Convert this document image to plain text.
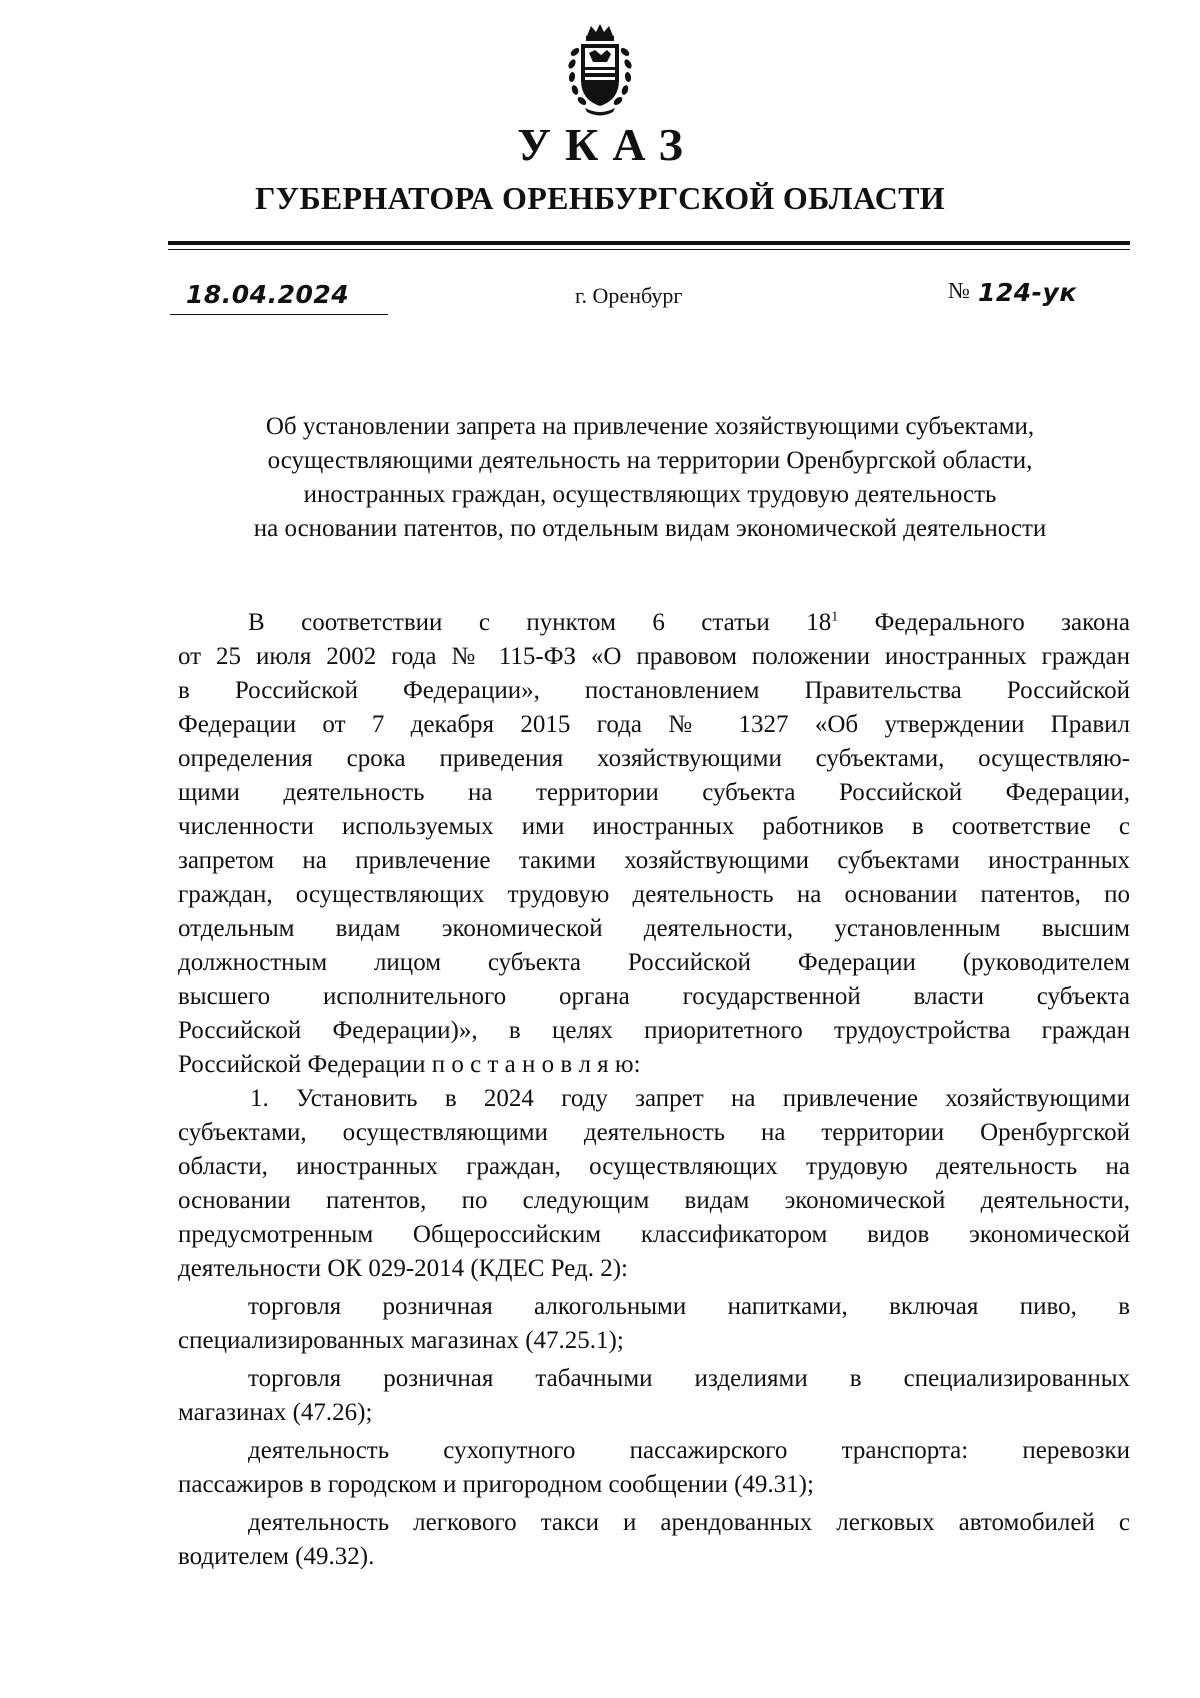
УКАЗ
ГУБЕРНАТОРА ОРЕНБУРГСКОЙ ОБЛАСТИ
18.04.2024	г. Оренбург	№ 124-ук
Об установлении запрета на привлечение хозяйствующими субъектами,
осуществляющими деятельность на территории Оренбургской области,
иностранных граждан, осуществляющих трудовую деятельность
на основании патентов, по отдельным видам экономической деятельности
В соответствии с пунктом 6 статьи $18^1$ Федерального закона
от 25 июля 2002 года № 115-ФЗ «О правовом положении иностранных граждан
в Российской Федерации», постановлением Правительства Российской
Федерации от 7 декабря 2015 года № 1327 «Об утверждении Правил
определения срока приведения хозяйствующими субъектами, осуществляю-
щими деятельность на территории субъекта Российской Федерации,
численности используемых ими иностранных работников в соответствие с
запретом на привлечение такими хозяйствующими субъектами иностранных
граждан, осуществляющих трудовую деятельность на основании патентов, по
отдельным видам экономической деятельности, установленным высшим
должностным лицом субъекта Российской Федерации (руководителем
высшего исполнительного органа государственной власти субъекта
Российской Федерации)», в целях приоритетного трудоустройства граждан
Российской Федерации п о с т а н о в л я ю:
1. Установить в 2024 году запрет на привлечение хозяйствующими
субъектами, осуществляющими деятельность на территории Оренбургской
области, иностранных граждан, осуществляющих трудовую деятельность на
основании патентов, по следующим видам экономической деятельности,
предусмотренным Общероссийским классификатором видов экономической
деятельности ОК 029-2014 (КДЕС Ред. 2):
торговля розничная алкогольными напитками, включая пиво, в
специализированных магазинах (47.25.1);
торговля розничная табачными изделиями в специализированных
магазинах (47.26);
деятельность сухопутного пассажирского транспорта: перевозки
пассажиров в городском и пригородном сообщении (49.31);
деятельность легкового такси и арендованных легковых автомобилей с
водителем (49.32).
